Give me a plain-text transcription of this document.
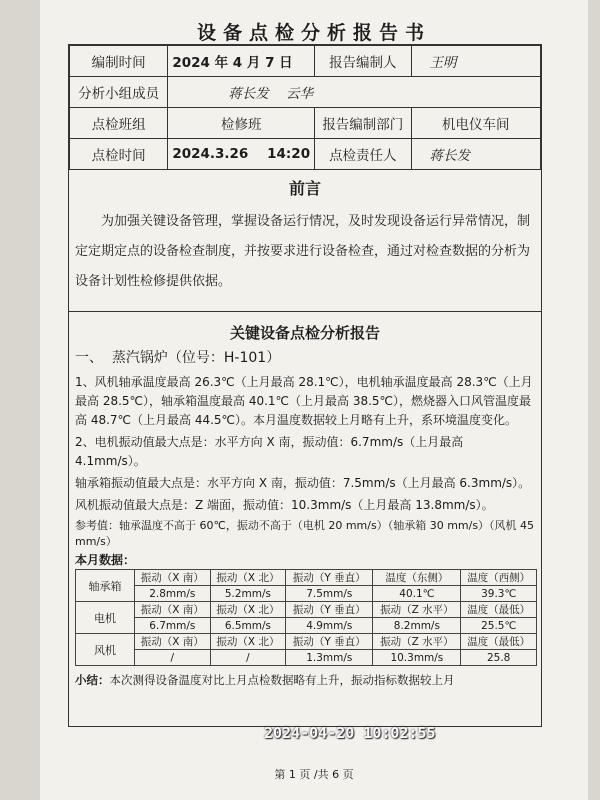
设备点检分析报告书
编制时间	2024 年 4 月 7 日	报告编制人	王明
分析小组成员	蒋长发    云华		
点检班组	检修班	报告编制部门	机电仪车间
点检时间	2024.3.26    14:20	点检责任人	蒋长发
前言

为加强关键设备管理，掌握设备运行情况，及时发现设备运行异常情况，制定定期定点的设备检查制度，并按要求进行设备检查，通过对检查数据的分析为设备计划性检修提供依据。

关键设备点检分析报告
一、  蒸汽锅炉（位号：H-101）

1、风机轴承温度最高 26.3℃（上月最高 28.1℃），电机轴承温度最高 28.3℃（上月最高 28.5℃），轴承箱温度最高 40.1℃（上月最高 38.5℃），燃烧器入口风管温度最高 48.7℃（上月最高 44.5℃）。本月温度数据较上月略有上升，系环境温度变化。

2、电机振动值最大点是：水平方向 X 南，振动值：6.7mm/s（上月最高 4.1mm/s）。

轴承箱振动值最大点是：水平方向 X 南，振动值：7.5mm/s（上月最高 6.3mm/s）。

风机振动值最大点是：Z 端面，振动值：10.3mm/s（上月最高 13.8mm/s）。

参考值：轴承温度不高于 60℃，振动不高于（电机 20 mm/s）（轴承箱 30 mm/s）（风机 45 mm/s）

本月数据：
轴承箱	振动（X 南）	振动（X 北）	振动（Y 垂直）	温度（东侧）	温度（西侧）
	2.8mm/s	5.2mm/s	7.5mm/s	40.1℃	39.3℃
电机	振动（X 南）	振动（X 北）	振动（Y 垂直）	振动（Z 水平）	温度（最低）
	6.7mm/s	6.5mm/s	4.9mm/s	8.2mm/s	25.5℃
风机	振动（X 南）	振动（X 北）	振动（Y 垂直）	振动（Z 水平）	温度（最低）
	/	/	1.3mm/s	10.3mm/s	25.8
小结：本次测得设备温度对比上月点检数据略有上升，振动指标数据较上月
2024-04-20 10:02:55
第 1 页 /共 6 页
